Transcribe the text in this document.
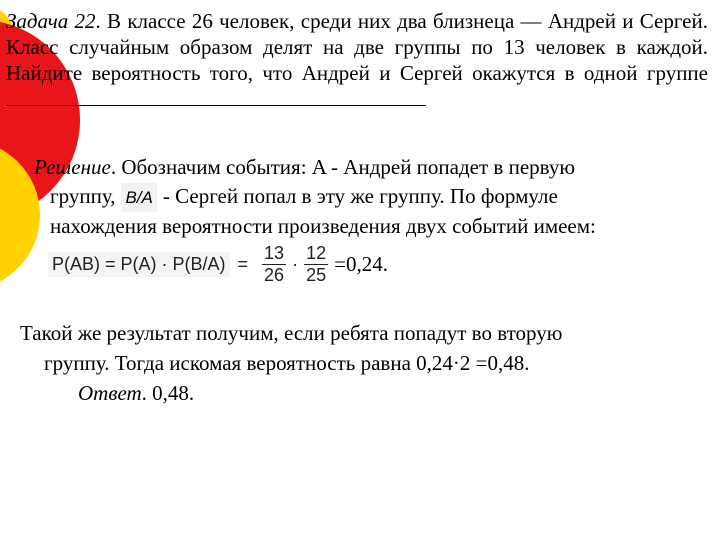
Задача 22. В классе 26 человек, среди них два близнеца — Андрей и Сергей. Класс случайным образом делят на две группы по 13 человек в каждой. Найдите вероятность того, что Андрей и Сергей окажутся в одной группе
Решение. Обозначим события: A - Андрей попадет в первую
группу, B/A - Сергей попал в эту же группу. По формуле
нахождения вероятности произведения двух событий имеем:
$P(AB) = P(A) \cdot P(B/A) = \frac{13}{26} \cdot \frac{12}{25} =0,24$.
Такой же результат получим, если ребята попадут во вторую
группу. Тогда искомая вероятность равна 0,24·2 =0,48.
Ответ. 0,48.
